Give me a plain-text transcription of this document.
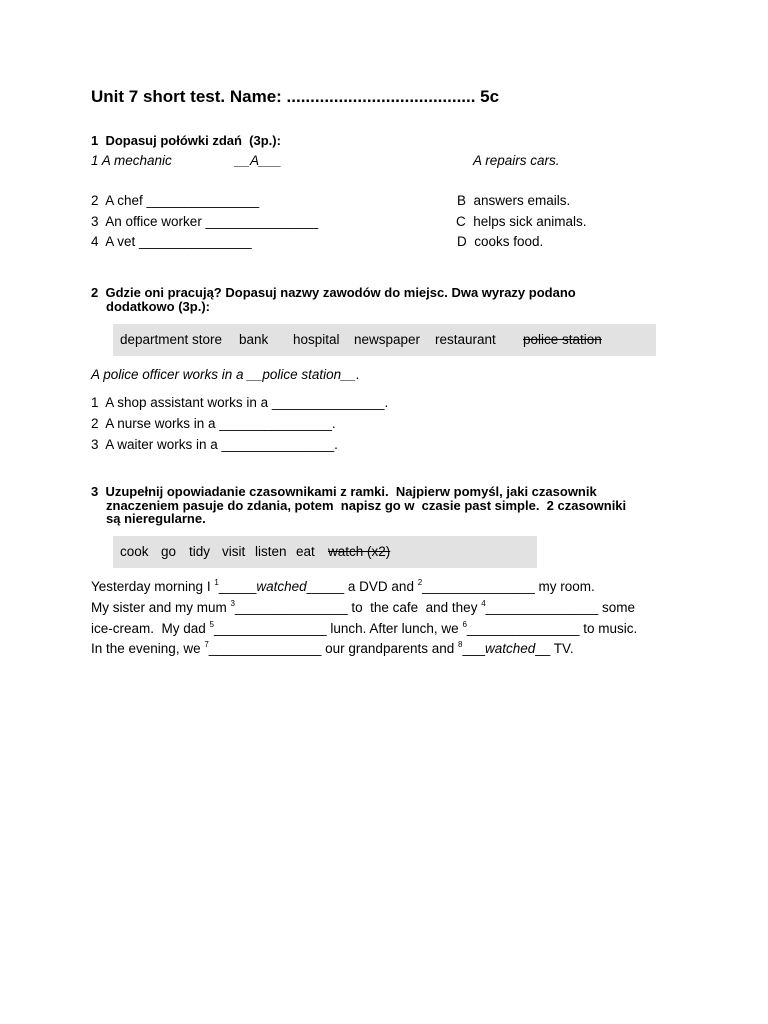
Unit 7 short test. Name: ........................................ 5c
1  Dopasuj połówki zdań  (3p.):
1 A mechanic	__A___	A repairs cars.
2  A chef _______________
3  An office worker _______________
4  A vet _______________
B  answers emails.
C  helps sick animals.
D  cooks food.
2  Gdzie oni pracują? Dopasuj nazwy zawodów do miejsc. Dwa wyrazy podano
dodatkowo (3p.):
department store bank hospital newspaper restaurant police station
A police officer works in a __police station__.
1  A shop assistant works in a _______________.
2  A nurse works in a _______________.
3  A waiter works in a _______________.
3  Uzupełnij opowiadanie czasownikami z ramki.  Najpierw pomyśl, jaki czasownik
znaczeniem pasuje do zdania, potem  napisz go w  czasie past simple.  2 czasowniki
są nieregularne.
cook go tidy visit listen eat watch (x2)
Yesterday morning I $^1$_____watched_____ a DVD and $^2$_______________ my room.
My sister and my mum $^3$_______________ to  the cafe  and they $^4$_______________ some
ice-cream.  My dad $^5$_______________ lunch. After lunch, we $^6$_______________ to music.
In the evening, we $^7$_______________ our grandparents and $^8$___watched__ TV.
